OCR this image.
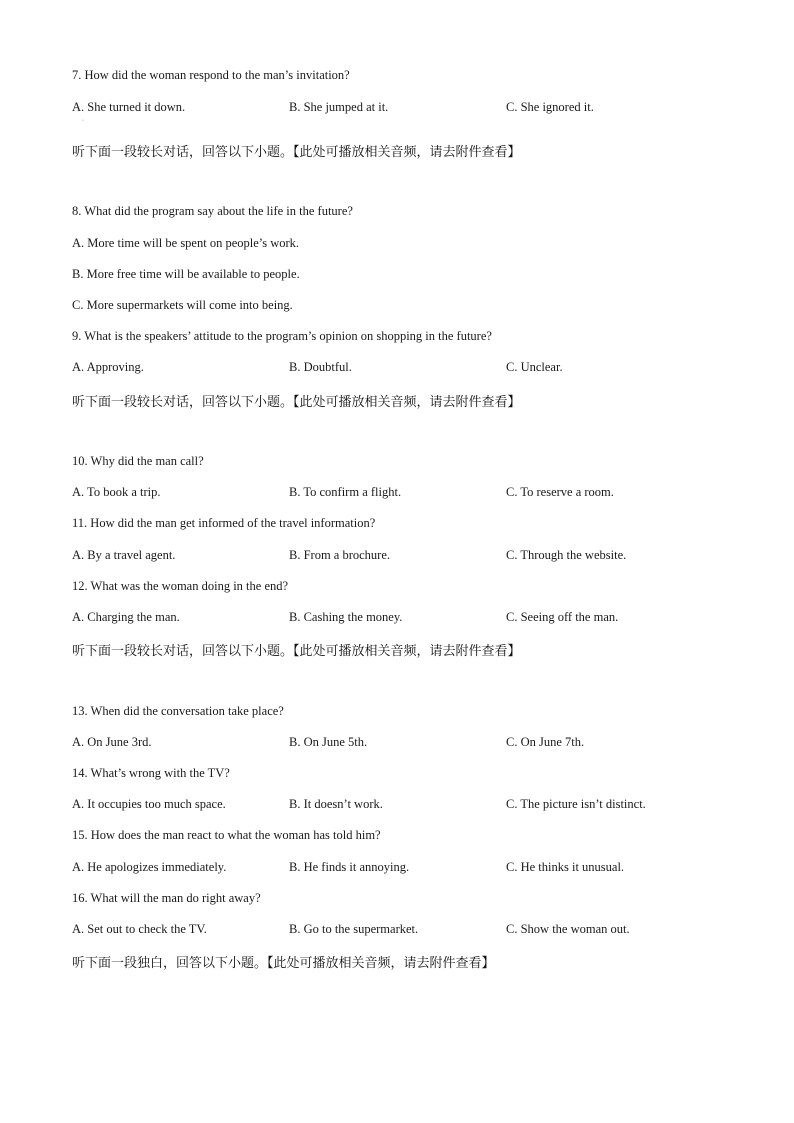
7. How did the woman respond to the man’s invitation?
A. She turned it down.	B. She jumped at it.	C. She ignored it.
·
听下面一段较长对话，回答以下小题。【此处可播放相关音频，请去附件查看】
8. What did the program say about the life in the future?
A. More time will be spent on people’s work.
B. More free time will be available to people.
C. More supermarkets will come into being.
9. What is the speakers’ attitude to the program’s opinion on shopping in the future?
A. Approving.	B. Doubtful.	C. Unclear.
听下面一段较长对话，回答以下小题。【此处可播放相关音频，请去附件查看】
10. Why did the man call?
A. To book a trip.	B. To confirm a flight.	C. To reserve a room.
11. How did the man get informed of the travel information?
A. By a travel agent.	B. From a brochure.	C. Through the website.
12. What was the woman doing in the end?
A. Charging the man.	B. Cashing the money.	C. Seeing off the man.
听下面一段较长对话，回答以下小题。【此处可播放相关音频，请去附件查看】
13. When did the conversation take place?
A. On June 3rd.	B. On June 5th.	C. On June 7th.
14. What’s wrong with the TV?
A. It occupies too much space.	B. It doesn’t work.	C. The picture isn’t distinct.
15. How does the man react to what the woman has told him?
A. He apologizes immediately.	B. He finds it annoying.	C. He thinks it unusual.
16. What will the man do right away?
A. Set out to check the TV.	B. Go to the supermarket.	C. Show the woman out.
听下面一段独白，回答以下小题。【此处可播放相关音频，请去附件查看】
